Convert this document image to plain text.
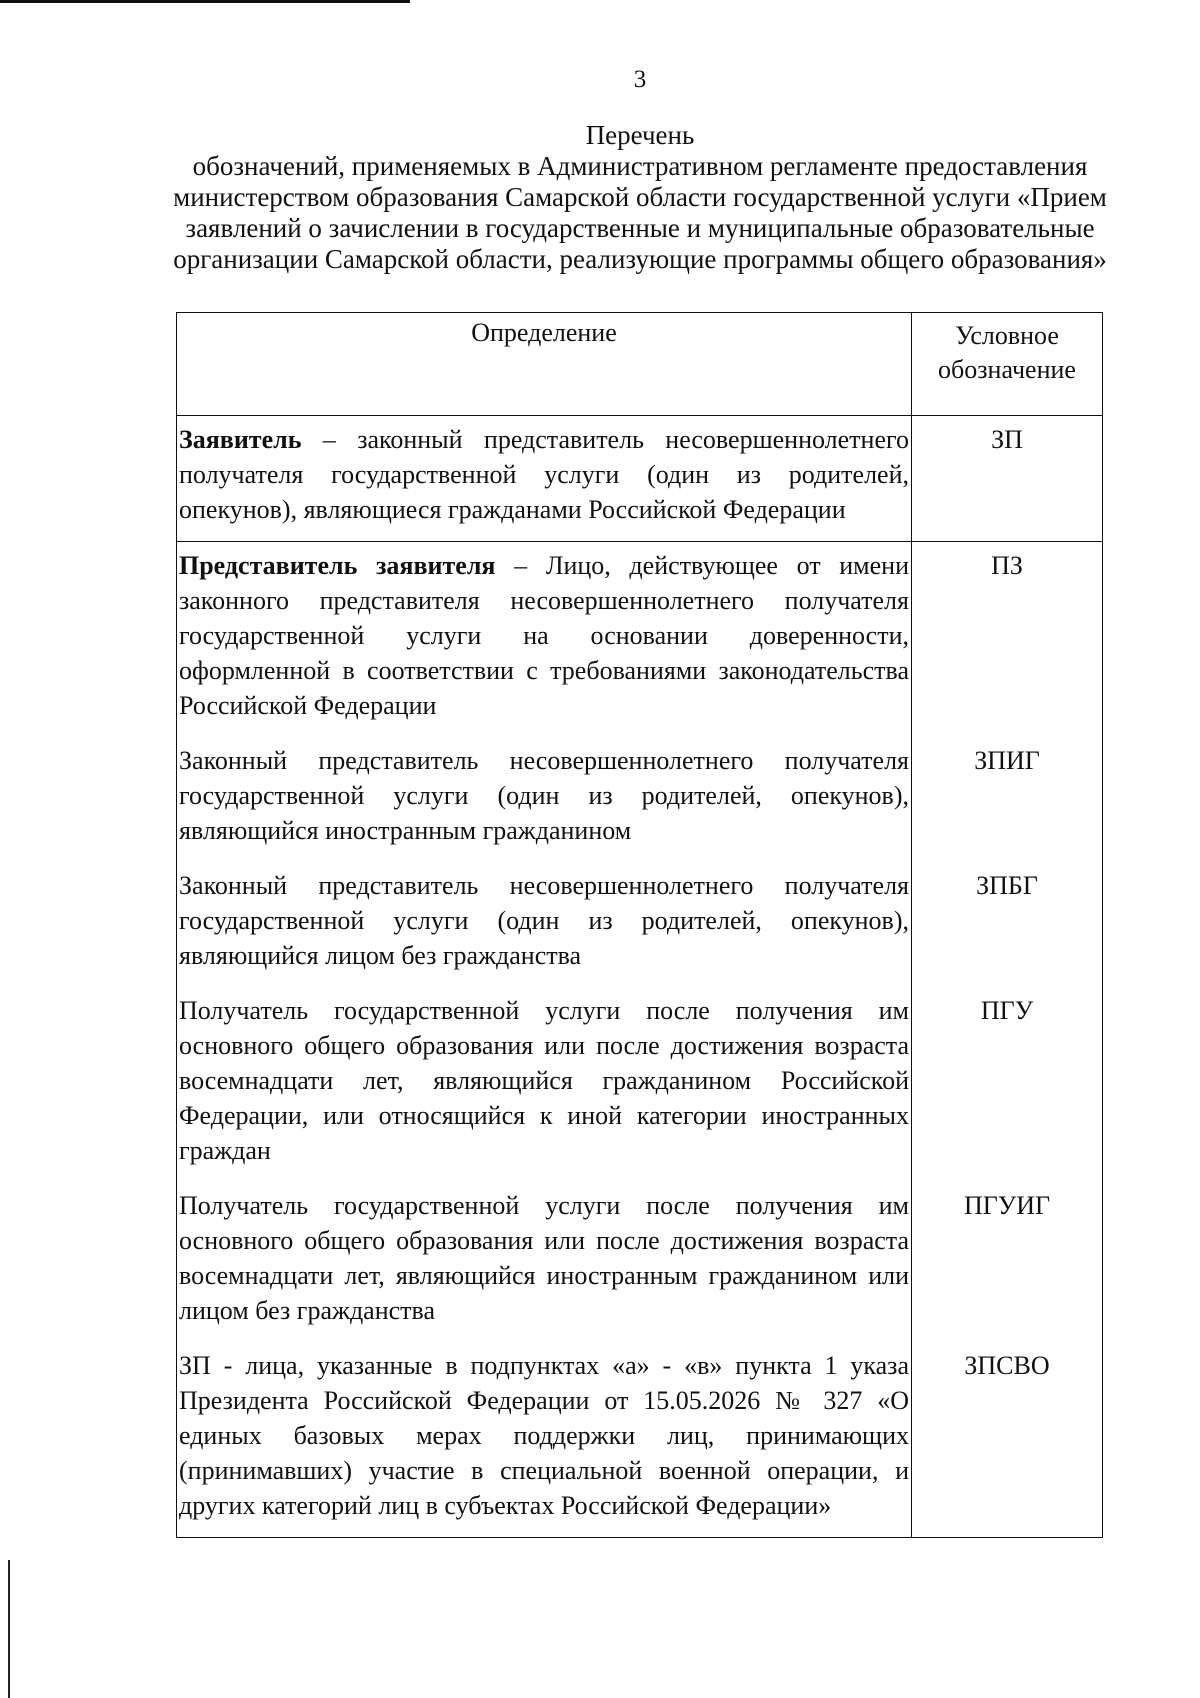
3
Перечень
обозначений, применяемых в Административном регламенте предоставления министерством образования Самарской области государственной услуги «Прием заявлений о зачислении в государственные и муниципальные образовательные организации Самарской области, реализующие программы общего образования»
Определение	Условное обозначение
Заявитель – законный представитель несовершеннолетнего получателя государственной услуги (один из родителей, опекунов), являющиеся гражданами Российской Федерации	ЗП
Представитель заявителя – Лицо, действующее от имени законного представителя несовершеннолетнего получателя государственной услуги на основании доверенности, оформленной в соответствии с требованиями законодательства Российской Федерации	ПЗ
Законный представитель несовершеннолетнего получателя государственной услуги (один из родителей, опекунов), являющийся иностранным гражданином	ЗПИГ
Законный представитель несовершеннолетнего получателя государственной услуги (один из родителей, опекунов), являющийся лицом без гражданства	ЗПБГ
Получатель государственной услуги после получения им основного общего образования или после достижения возраста восемнадцати лет, являющийся гражданином Российской Федерации, или относящийся к иной категории иностранных граждан	ПГУ
Получатель государственной услуги после получения им основного общего образования или после достижения возраста восемнадцати лет, являющийся иностранным гражданином или лицом без гражданства	ПГУИГ
ЗП - лица, указанные в подпунктах «а» - «в» пункта 1 указа Президента Российской Федерации от 15.05.2026 № 327 «О единых базовых мерах поддержки лиц, принимающих (принимавших) участие в специальной военной операции, и других категорий лиц в субъектах Российской Федерации»	ЗПСВО
